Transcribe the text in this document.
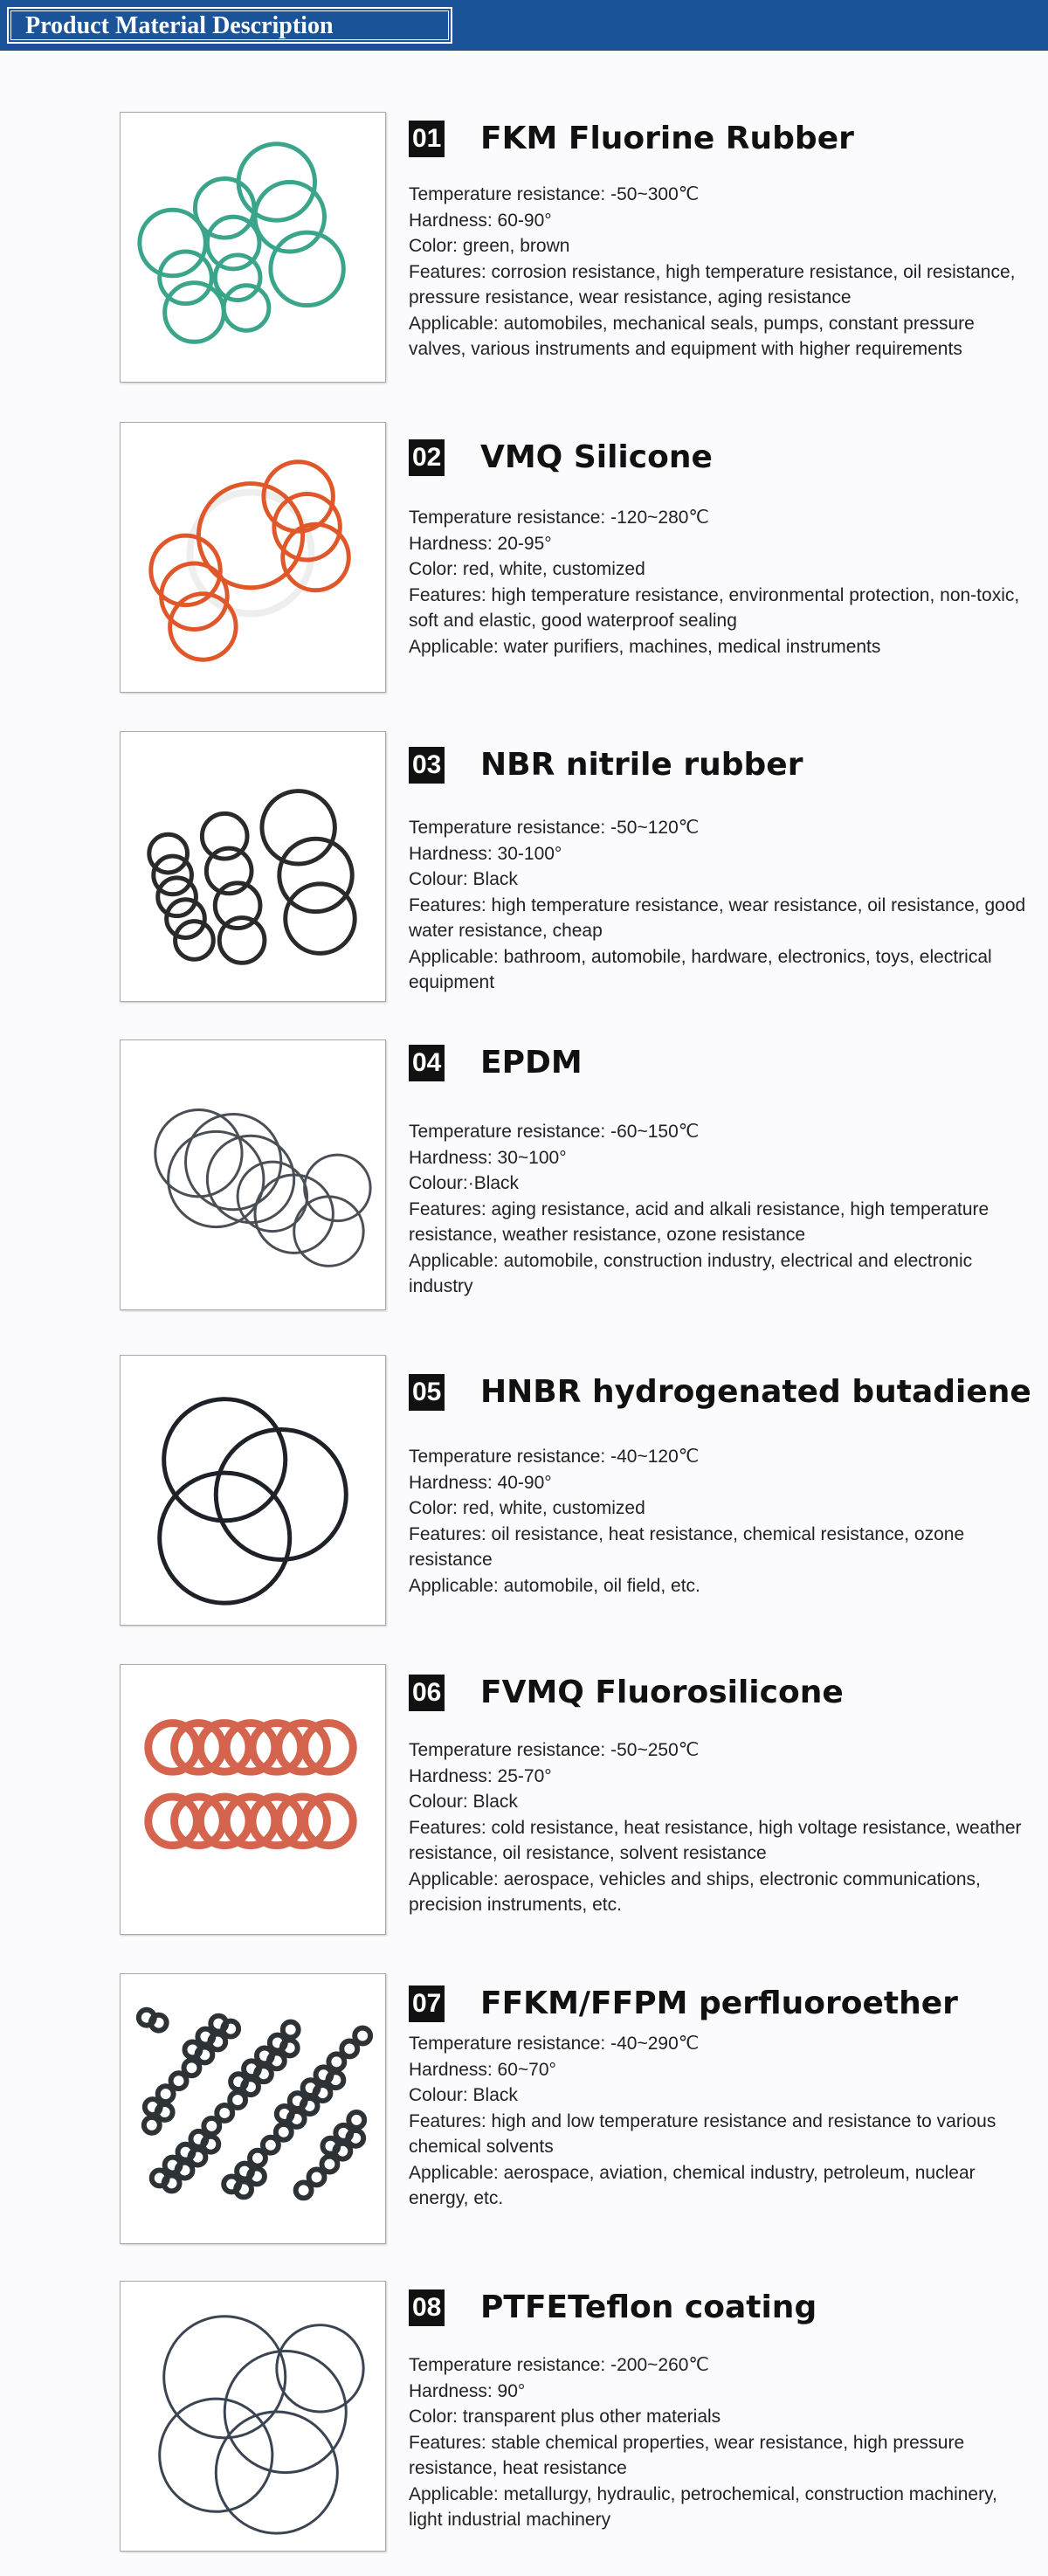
Product Material Description
01 FKM Fluorine Rubber
Temperature resistance: -50~300℃
Hardness: 60-90°
Color: green, brown
Features: corrosion resistance, high temperature resistance, oil resistance, pressure resistance, wear resistance, aging resistance
Applicable: automobiles, mechanical seals, pumps, constant pressure valves, various instruments and equipment with higher requirements
02 VMQ Silicone
Temperature resistance: -120~280℃
Hardness: 20-95°
Color: red, white, customized
Features: high temperature resistance, environmental protection, non-toxic, soft and elastic, good waterproof sealing
Applicable: water purifiers, machines, medical instruments
03 NBR nitrile rubber
Temperature resistance: -50~120℃
Hardness: 30-100°
Colour: Black
Features: high temperature resistance, wear resistance, oil resistance, good water resistance, cheap
Applicable: bathroom, automobile, hardware, electronics, toys, electrical equipment
04 EPDM
Temperature resistance: -60~150℃
Hardness: 30~100°
Colour:·Black
Features: aging resistance, acid and alkali resistance, high temperature resistance, weather resistance, ozone resistance
Applicable: automobile, construction industry, electrical and electronic industry
05 HNBR hydrogenated butadiene
Temperature resistance: -40~120℃
Hardness: 40-90°
Color: red, white, customized
Features: oil resistance, heat resistance, chemical resistance, ozone resistance
Applicable: automobile, oil field, etc.
06 FVMQ Fluorosilicone
Temperature resistance: -50~250℃
Hardness: 25-70°
Colour: Black
Features: cold resistance, heat resistance, high voltage resistance, weather resistance, oil resistance, solvent resistance
Applicable: aerospace, vehicles and ships, electronic communications, precision instruments, etc.
07 FFKM/FFPM perfluoroether
Temperature resistance: -40~290℃
Hardness: 60~70°
Colour: Black
Features: high and low temperature resistance and resistance to various chemical solvents
Applicable: aerospace, aviation, chemical industry, petroleum, nuclear energy, etc.
08 PTFETeflon coating
Temperature resistance: -200~260℃
Hardness: 90°
Color: transparent plus other materials
Features: stable chemical properties, wear resistance, high pressure resistance, heat resistance
Applicable: metallurgy, hydraulic, petrochemical, construction machinery, light industrial machinery
